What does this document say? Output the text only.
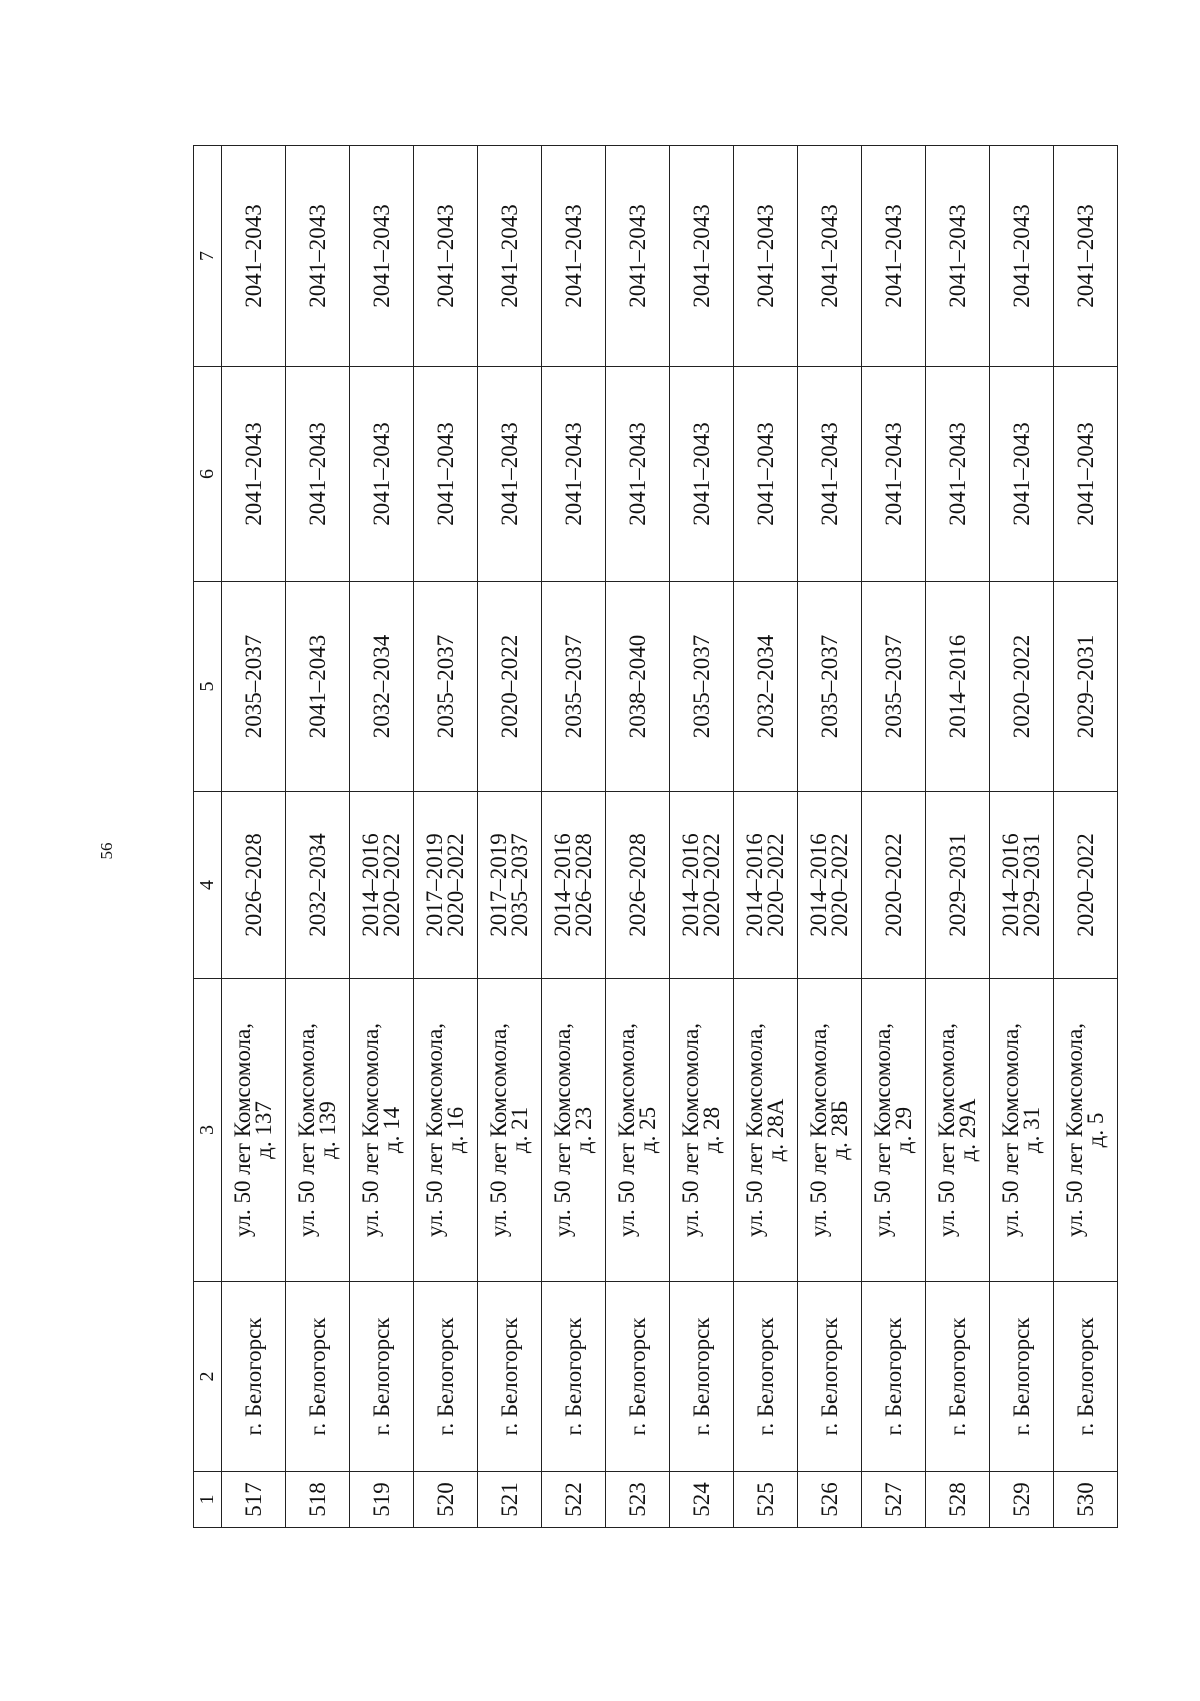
56
1	2	3	4	5	6	7
517	г. Белогорск	ул. 50 лет Комсомола,
д. 137	2026–2028	2035–2037	2041–2043	2041–2043
518	г. Белогорск	ул. 50 лет Комсомола,
д. 139	2032–2034	2041–2043	2041–2043	2041–2043
519	г. Белогорск	ул. 50 лет Комсомола,
д. 14	2014–2016
2020–2022	2032–2034	2041–2043	2041–2043
520	г. Белогорск	ул. 50 лет Комсомола,
д. 16	2017–2019
2020–2022	2035–2037	2041–2043	2041–2043
521	г. Белогорск	ул. 50 лет Комсомола,
д. 21	2017–2019
2035–2037	2020–2022	2041–2043	2041–2043
522	г. Белогорск	ул. 50 лет Комсомола,
д. 23	2014–2016
2026–2028	2035–2037	2041–2043	2041–2043
523	г. Белогорск	ул. 50 лет Комсомола,
д. 25	2026–2028	2038–2040	2041–2043	2041–2043
524	г. Белогорск	ул. 50 лет Комсомола,
д. 28	2014–2016
2020–2022	2035–2037	2041–2043	2041–2043
525	г. Белогорск	ул. 50 лет Комсомола,
д. 28А	2014–2016
2020–2022	2032–2034	2041–2043	2041–2043
526	г. Белогорск	ул. 50 лет Комсомола,
д. 28Б	2014–2016
2020–2022	2035–2037	2041–2043	2041–2043
527	г. Белогорск	ул. 50 лет Комсомола,
д. 29	2020–2022	2035–2037	2041–2043	2041–2043
528	г. Белогорск	ул. 50 лет Комсомола,
д. 29А	2029–2031	2014–2016	2041–2043	2041–2043
529	г. Белогорск	ул. 50 лет Комсомола,
д. 31	2014–2016
2029–2031	2020–2022	2041–2043	2041–2043
530	г. Белогорск	ул. 50 лет Комсомола,
д. 5	2020–2022	2029–2031	2041–2043	2041–2043
